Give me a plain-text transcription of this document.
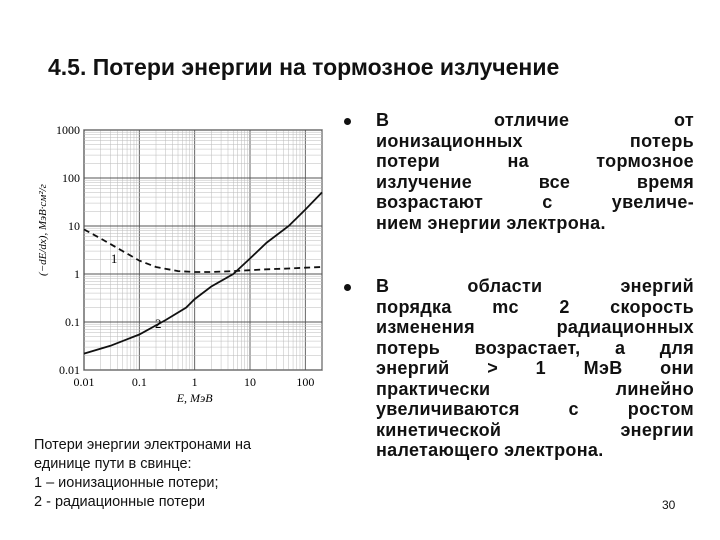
4.5. Потери энергии на тормозное излучение
0.01	0.1	1	10	100
0.01
0.1
1
10
100
1000
E, МэВ
(−dE/dx), МэВ·см²/г	1
2
Потери энергии электронами на
единице пути в свинце:
1 – ионизационные потери;
2 - радиационные потери
В отличие от
ионизационных потерь
потери на тормозное
излучение все время
возрастают с увеличе-
нием энергии электрона.
В области энергий
порядка mc 2 скорость
изменения радиационных
потерь возрастает, а для
энергий > 1 МэВ они
практически линейно
увеличиваются с ростом
кинетической энергии
налетающего электрона.
30
